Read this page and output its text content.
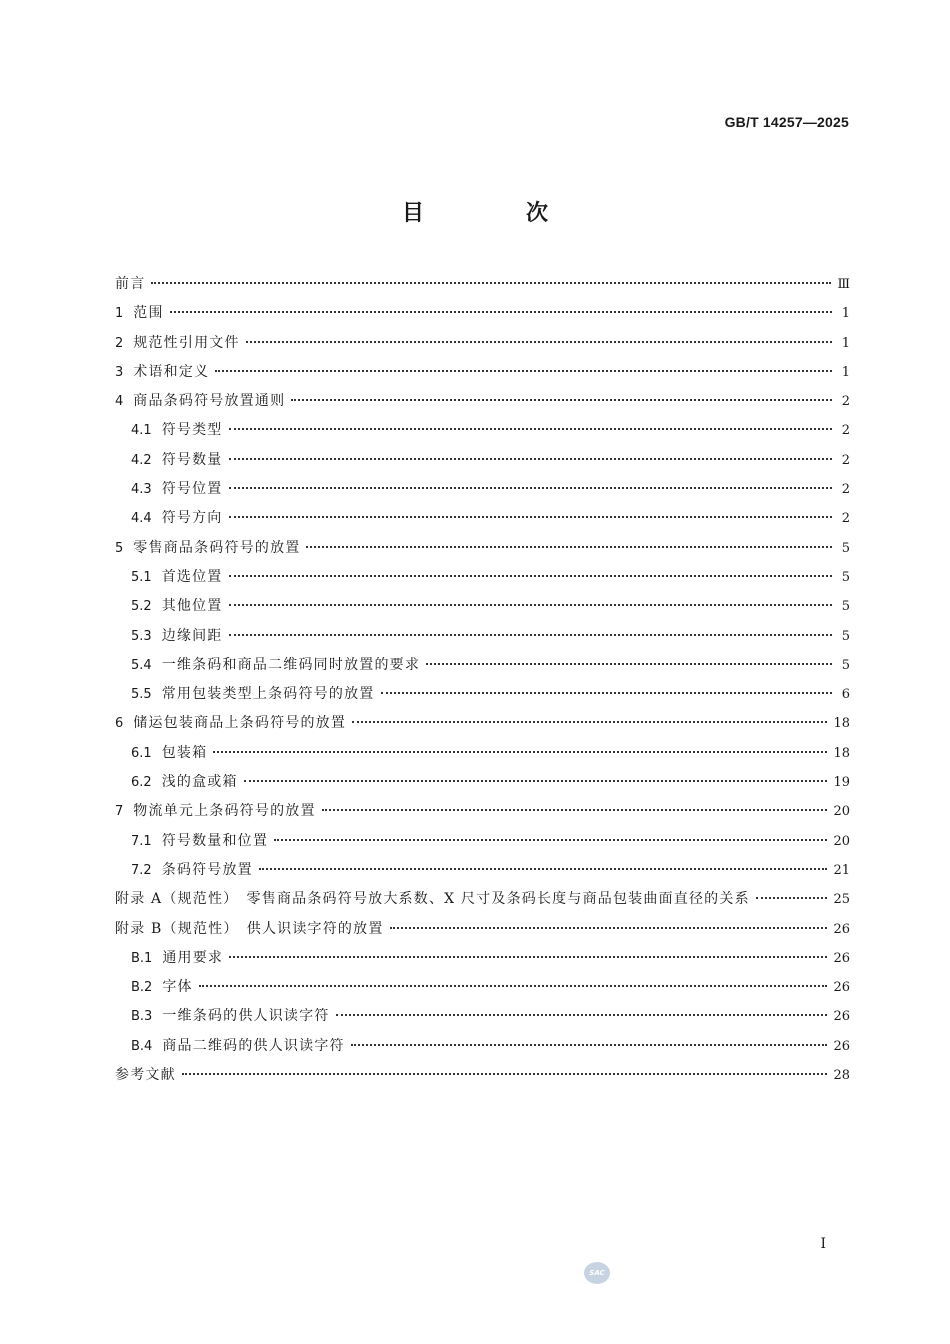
GB/T 14257—2025
目　次
前言	Ⅲ
1 范围	1
2 规范性引用文件	1
3 术语和定义	1
4 商品条码符号放置通则	2
4.1 符号类型	2
4.2 符号数量	2
4.3 符号位置	2
4.4 符号方向	2
5 零售商品条码符号的放置	5
5.1 首选位置	5
5.2 其他位置	5
5.3 边缘间距	5
5.4 一维条码和商品二维码同时放置的要求	5
5.5 常用包装类型上条码符号的放置	6
6 储运包装商品上条码符号的放置	18
6.1 包装箱	18
6.2 浅的盒或箱	19
7 物流单元上条码符号的放置	20
7.1 符号数量和位置	20
7.2 条码符号放置	21
附录 A（规范性）　零售商品条码符号放大系数、X 尺寸及条码长度与商品包装曲面直径的关系	25
附录 B（规范性）　供人识读字符的放置	26
B.1 通用要求	26
B.2 字体	26
B.3 一维条码的供人识读字符	26
B.4 商品二维码的供人识读字符	26
参考文献	28
I
SAC
